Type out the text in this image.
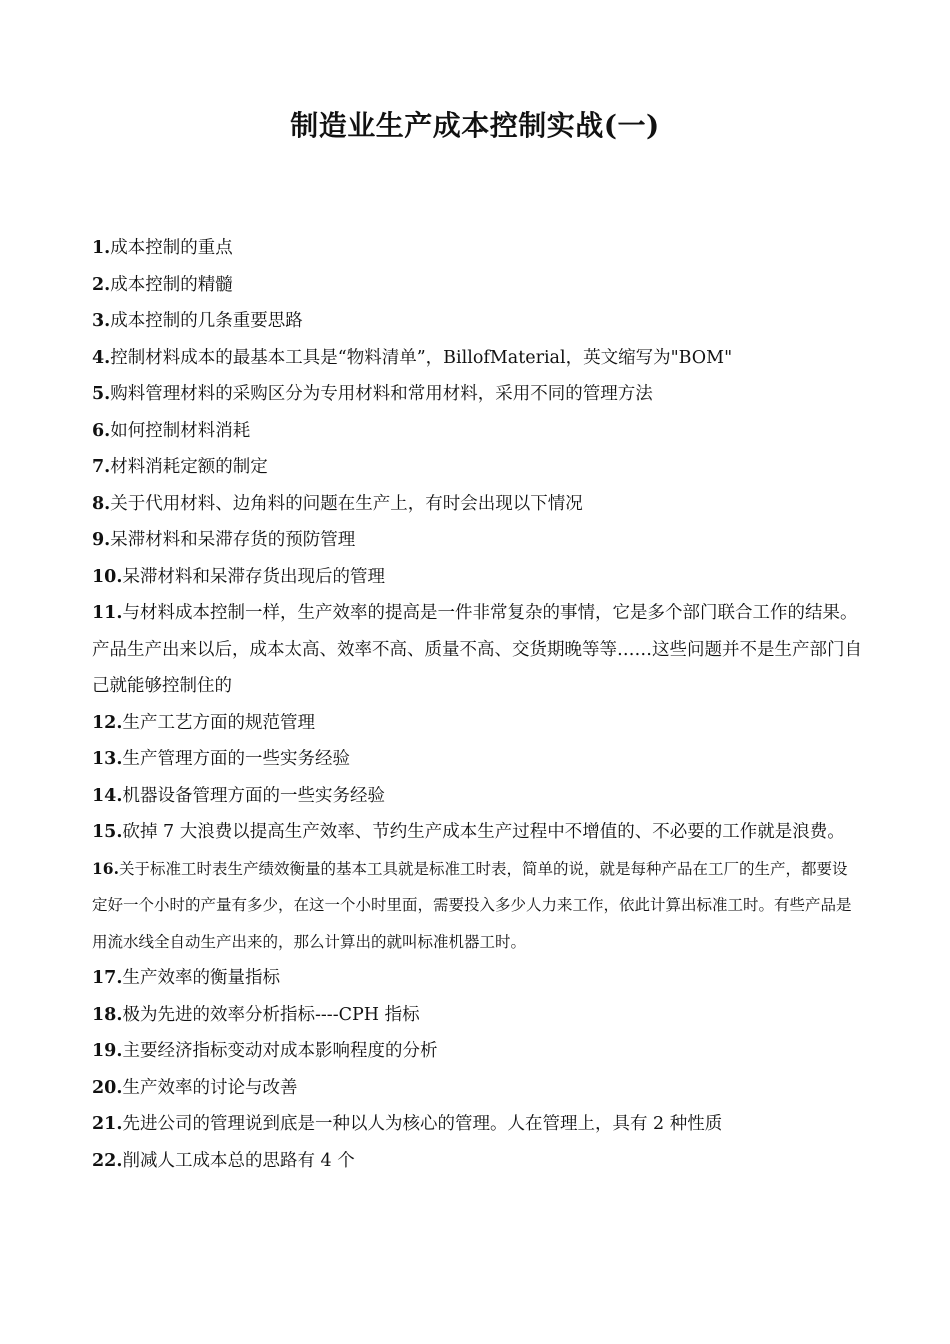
制造业生产成本控制实战(一)
1.成本控制的重点
2.成本控制的精髓
3.成本控制的几条重要思路
4.控制材料成本的最基本工具是“物料清单”，BillofMaterial，英文缩写为"BOM"
5.购料管理材料的采购区分为专用材料和常用材料，采用不同的管理方法
6.如何控制材料消耗
7.材料消耗定额的制定
8.关于代用材料、边角料的问题在生产上，有时会出现以下情况
9.呆滞材料和呆滞存货的预防管理
10.呆滞材料和呆滞存货出现后的管理
11.与材料成本控制一样，生产效率的提高是一件非常复杂的事情，它是多个部门联合工作的结果。产品生产出来以后，成本太高、效率不高、质量不高、交货期晚等等……这些问题并不是生产部门自己就能够控制住的
12.生产工艺方面的规范管理
13.生产管理方面的一些实务经验
14.机器设备管理方面的一些实务经验
15.砍掉 7 大浪费以提高生产效率、节约生产成本生产过程中不增值的、不必要的工作就是浪费。
16.关于标准工时表生产绩效衡量的基本工具就是标准工时表，简单的说，就是每种产品在工厂的生产，都要设定好一个小时的产量有多少，在这一个小时里面，需要投入多少人力来工作，依此计算出标准工时。有些产品是用流水线全自动生产出来的，那么计算出的就叫标准机器工时。
17.生产效率的衡量指标
18.极为先进的效率分析指标----CPH 指标
19.主要经济指标变动对成本影响程度的分析
20.生产效率的讨论与改善
21.先进公司的管理说到底是一种以人为核心的管理。人在管理上，具有 2 种性质
22.削减人工成本总的思路有 4 个
